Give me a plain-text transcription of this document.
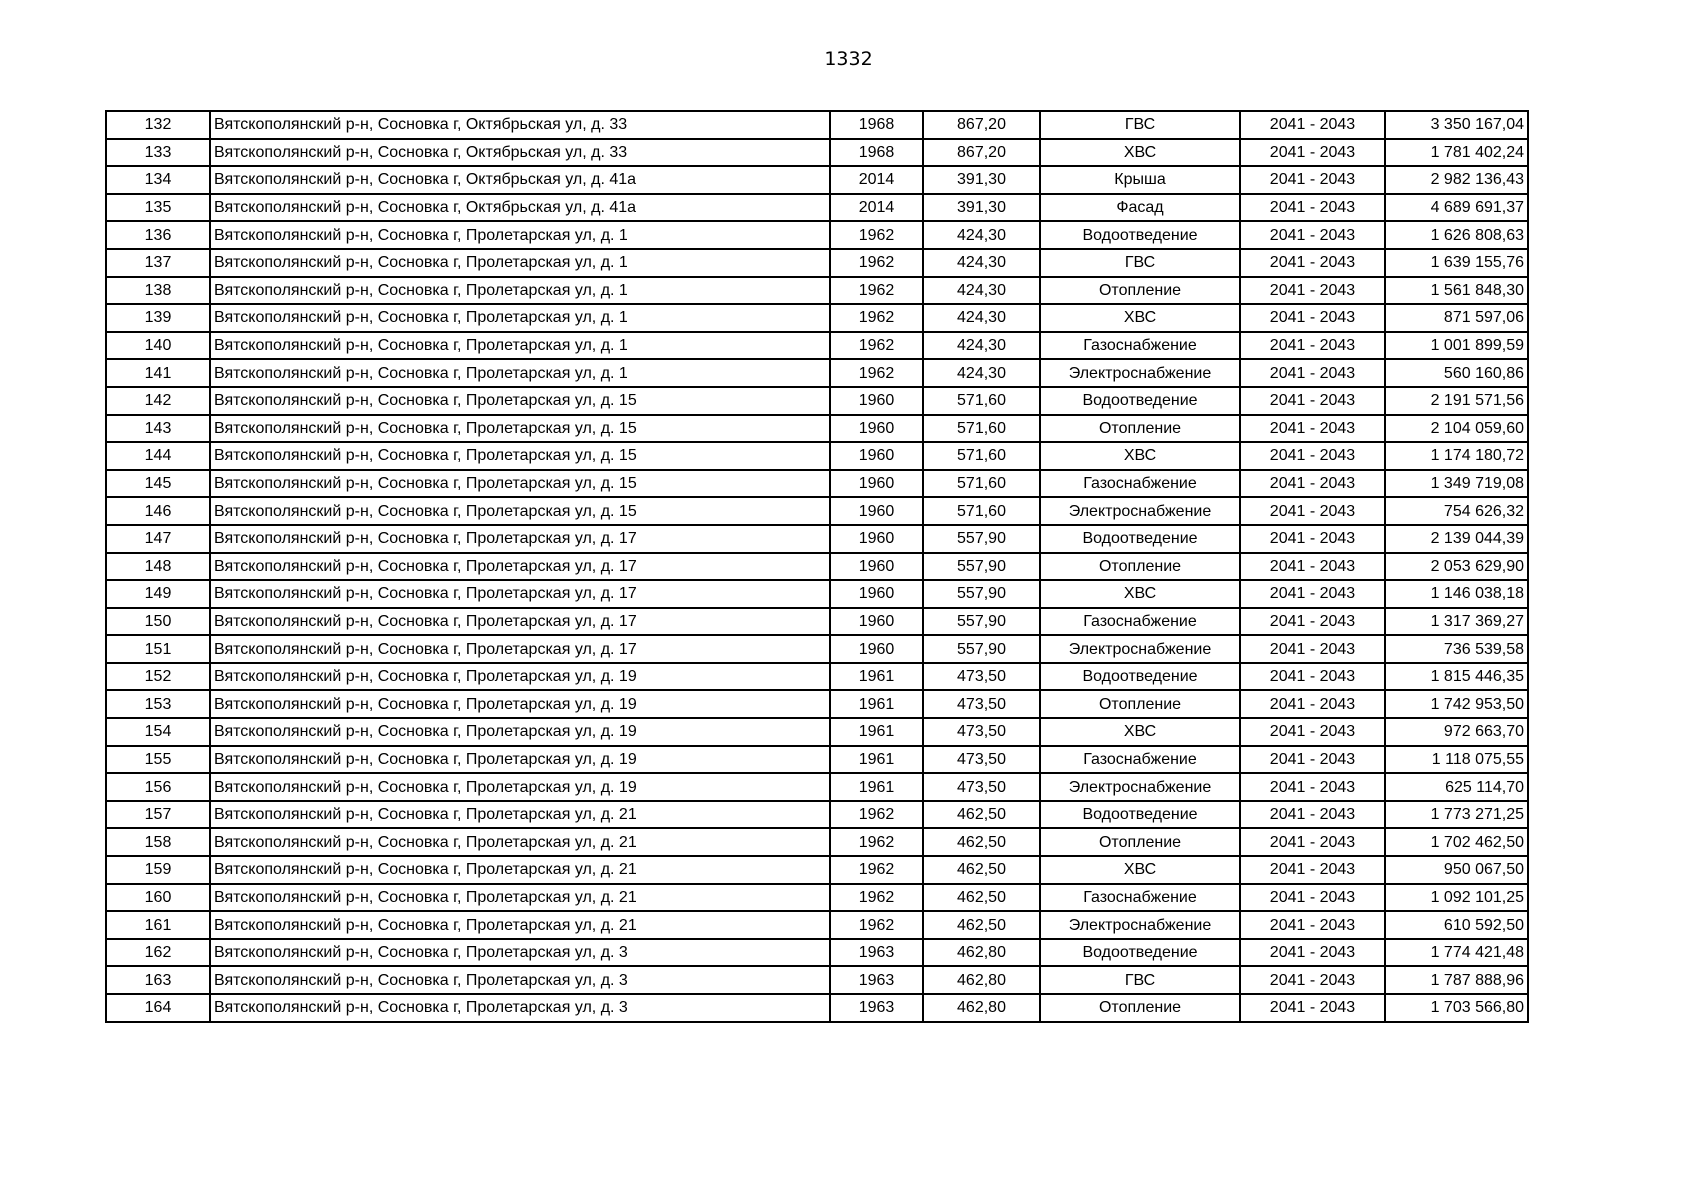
1332
132	Вятскополянский р-н, Сосновка г, Октябрьская ул, д. 33	1968	867,20	ГВС	2041 - 2043	3 350 167,04
133	Вятскополянский р-н, Сосновка г, Октябрьская ул, д. 33	1968	867,20	ХВС	2041 - 2043	1 781 402,24
134	Вятскополянский р-н, Сосновка г, Октябрьская ул, д. 41а	2014	391,30	Крыша	2041 - 2043	2 982 136,43
135	Вятскополянский р-н, Сосновка г, Октябрьская ул, д. 41а	2014	391,30	Фасад	2041 - 2043	4 689 691,37
136	Вятскополянский р-н, Сосновка г, Пролетарская ул, д. 1	1962	424,30	Водоотведение	2041 - 2043	1 626 808,63
137	Вятскополянский р-н, Сосновка г, Пролетарская ул, д. 1	1962	424,30	ГВС	2041 - 2043	1 639 155,76
138	Вятскополянский р-н, Сосновка г, Пролетарская ул, д. 1	1962	424,30	Отопление	2041 - 2043	1 561 848,30
139	Вятскополянский р-н, Сосновка г, Пролетарская ул, д. 1	1962	424,30	ХВС	2041 - 2043	871 597,06
140	Вятскополянский р-н, Сосновка г, Пролетарская ул, д. 1	1962	424,30	Газоснабжение	2041 - 2043	1 001 899,59
141	Вятскополянский р-н, Сосновка г, Пролетарская ул, д. 1	1962	424,30	Электроснабжение	2041 - 2043	560 160,86
142	Вятскополянский р-н, Сосновка г, Пролетарская ул, д. 15	1960	571,60	Водоотведение	2041 - 2043	2 191 571,56
143	Вятскополянский р-н, Сосновка г, Пролетарская ул, д. 15	1960	571,60	Отопление	2041 - 2043	2 104 059,60
144	Вятскополянский р-н, Сосновка г, Пролетарская ул, д. 15	1960	571,60	ХВС	2041 - 2043	1 174 180,72
145	Вятскополянский р-н, Сосновка г, Пролетарская ул, д. 15	1960	571,60	Газоснабжение	2041 - 2043	1 349 719,08
146	Вятскополянский р-н, Сосновка г, Пролетарская ул, д. 15	1960	571,60	Электроснабжение	2041 - 2043	754 626,32
147	Вятскополянский р-н, Сосновка г, Пролетарская ул, д. 17	1960	557,90	Водоотведение	2041 - 2043	2 139 044,39
148	Вятскополянский р-н, Сосновка г, Пролетарская ул, д. 17	1960	557,90	Отопление	2041 - 2043	2 053 629,90
149	Вятскополянский р-н, Сосновка г, Пролетарская ул, д. 17	1960	557,90	ХВС	2041 - 2043	1 146 038,18
150	Вятскополянский р-н, Сосновка г, Пролетарская ул, д. 17	1960	557,90	Газоснабжение	2041 - 2043	1 317 369,27
151	Вятскополянский р-н, Сосновка г, Пролетарская ул, д. 17	1960	557,90	Электроснабжение	2041 - 2043	736 539,58
152	Вятскополянский р-н, Сосновка г, Пролетарская ул, д. 19	1961	473,50	Водоотведение	2041 - 2043	1 815 446,35
153	Вятскополянский р-н, Сосновка г, Пролетарская ул, д. 19	1961	473,50	Отопление	2041 - 2043	1 742 953,50
154	Вятскополянский р-н, Сосновка г, Пролетарская ул, д. 19	1961	473,50	ХВС	2041 - 2043	972 663,70
155	Вятскополянский р-н, Сосновка г, Пролетарская ул, д. 19	1961	473,50	Газоснабжение	2041 - 2043	1 118 075,55
156	Вятскополянский р-н, Сосновка г, Пролетарская ул, д. 19	1961	473,50	Электроснабжение	2041 - 2043	625 114,70
157	Вятскополянский р-н, Сосновка г, Пролетарская ул, д. 21	1962	462,50	Водоотведение	2041 - 2043	1 773 271,25
158	Вятскополянский р-н, Сосновка г, Пролетарская ул, д. 21	1962	462,50	Отопление	2041 - 2043	1 702 462,50
159	Вятскополянский р-н, Сосновка г, Пролетарская ул, д. 21	1962	462,50	ХВС	2041 - 2043	950 067,50
160	Вятскополянский р-н, Сосновка г, Пролетарская ул, д. 21	1962	462,50	Газоснабжение	2041 - 2043	1 092 101,25
161	Вятскополянский р-н, Сосновка г, Пролетарская ул, д. 21	1962	462,50	Электроснабжение	2041 - 2043	610 592,50
162	Вятскополянский р-н, Сосновка г, Пролетарская ул, д. 3	1963	462,80	Водоотведение	2041 - 2043	1 774 421,48
163	Вятскополянский р-н, Сосновка г, Пролетарская ул, д. 3	1963	462,80	ГВС	2041 - 2043	1 787 888,96
164	Вятскополянский р-н, Сосновка г, Пролетарская ул, д. 3	1963	462,80	Отопление	2041 - 2043	1 703 566,80
